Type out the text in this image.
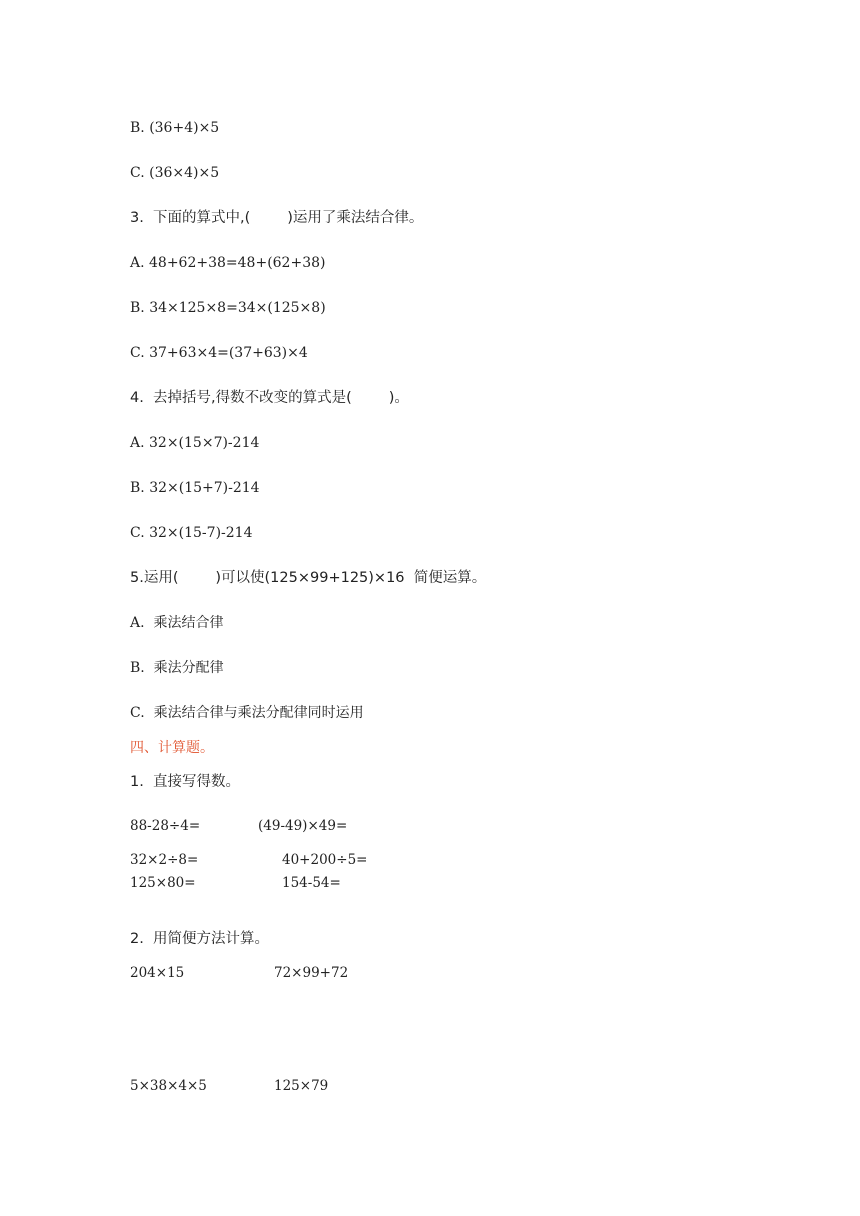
B. (36+4)×5
C. (36×4)×5
3.  下面的算式中,(        )运用了乘法结合律。
A. 48+62+38=48+(62+38)
B. 34×125×8=34×(125×8)
C. 37+63×4=(37+63)×4
4.  去掉括号,得数不改变的算式是(        )。
A. 32×(15×7)-214
B. 32×(15+7)-214
C. 32×(15-7)-214
5.运用(        )可以使(125×99+125)×16  简便运算。
A.  乘法结合律
B.  乘法分配律
C.  乘法结合律与乘法分配律同时运用
四、计算题。
1.  直接写得数。
88-28÷4=	(49-49)×49=
32×2÷8=	40+200÷5=
125×80=	154-54=
2.  用简便方法计算。
204×15	72×99+72
5×38×4×5	125×79
